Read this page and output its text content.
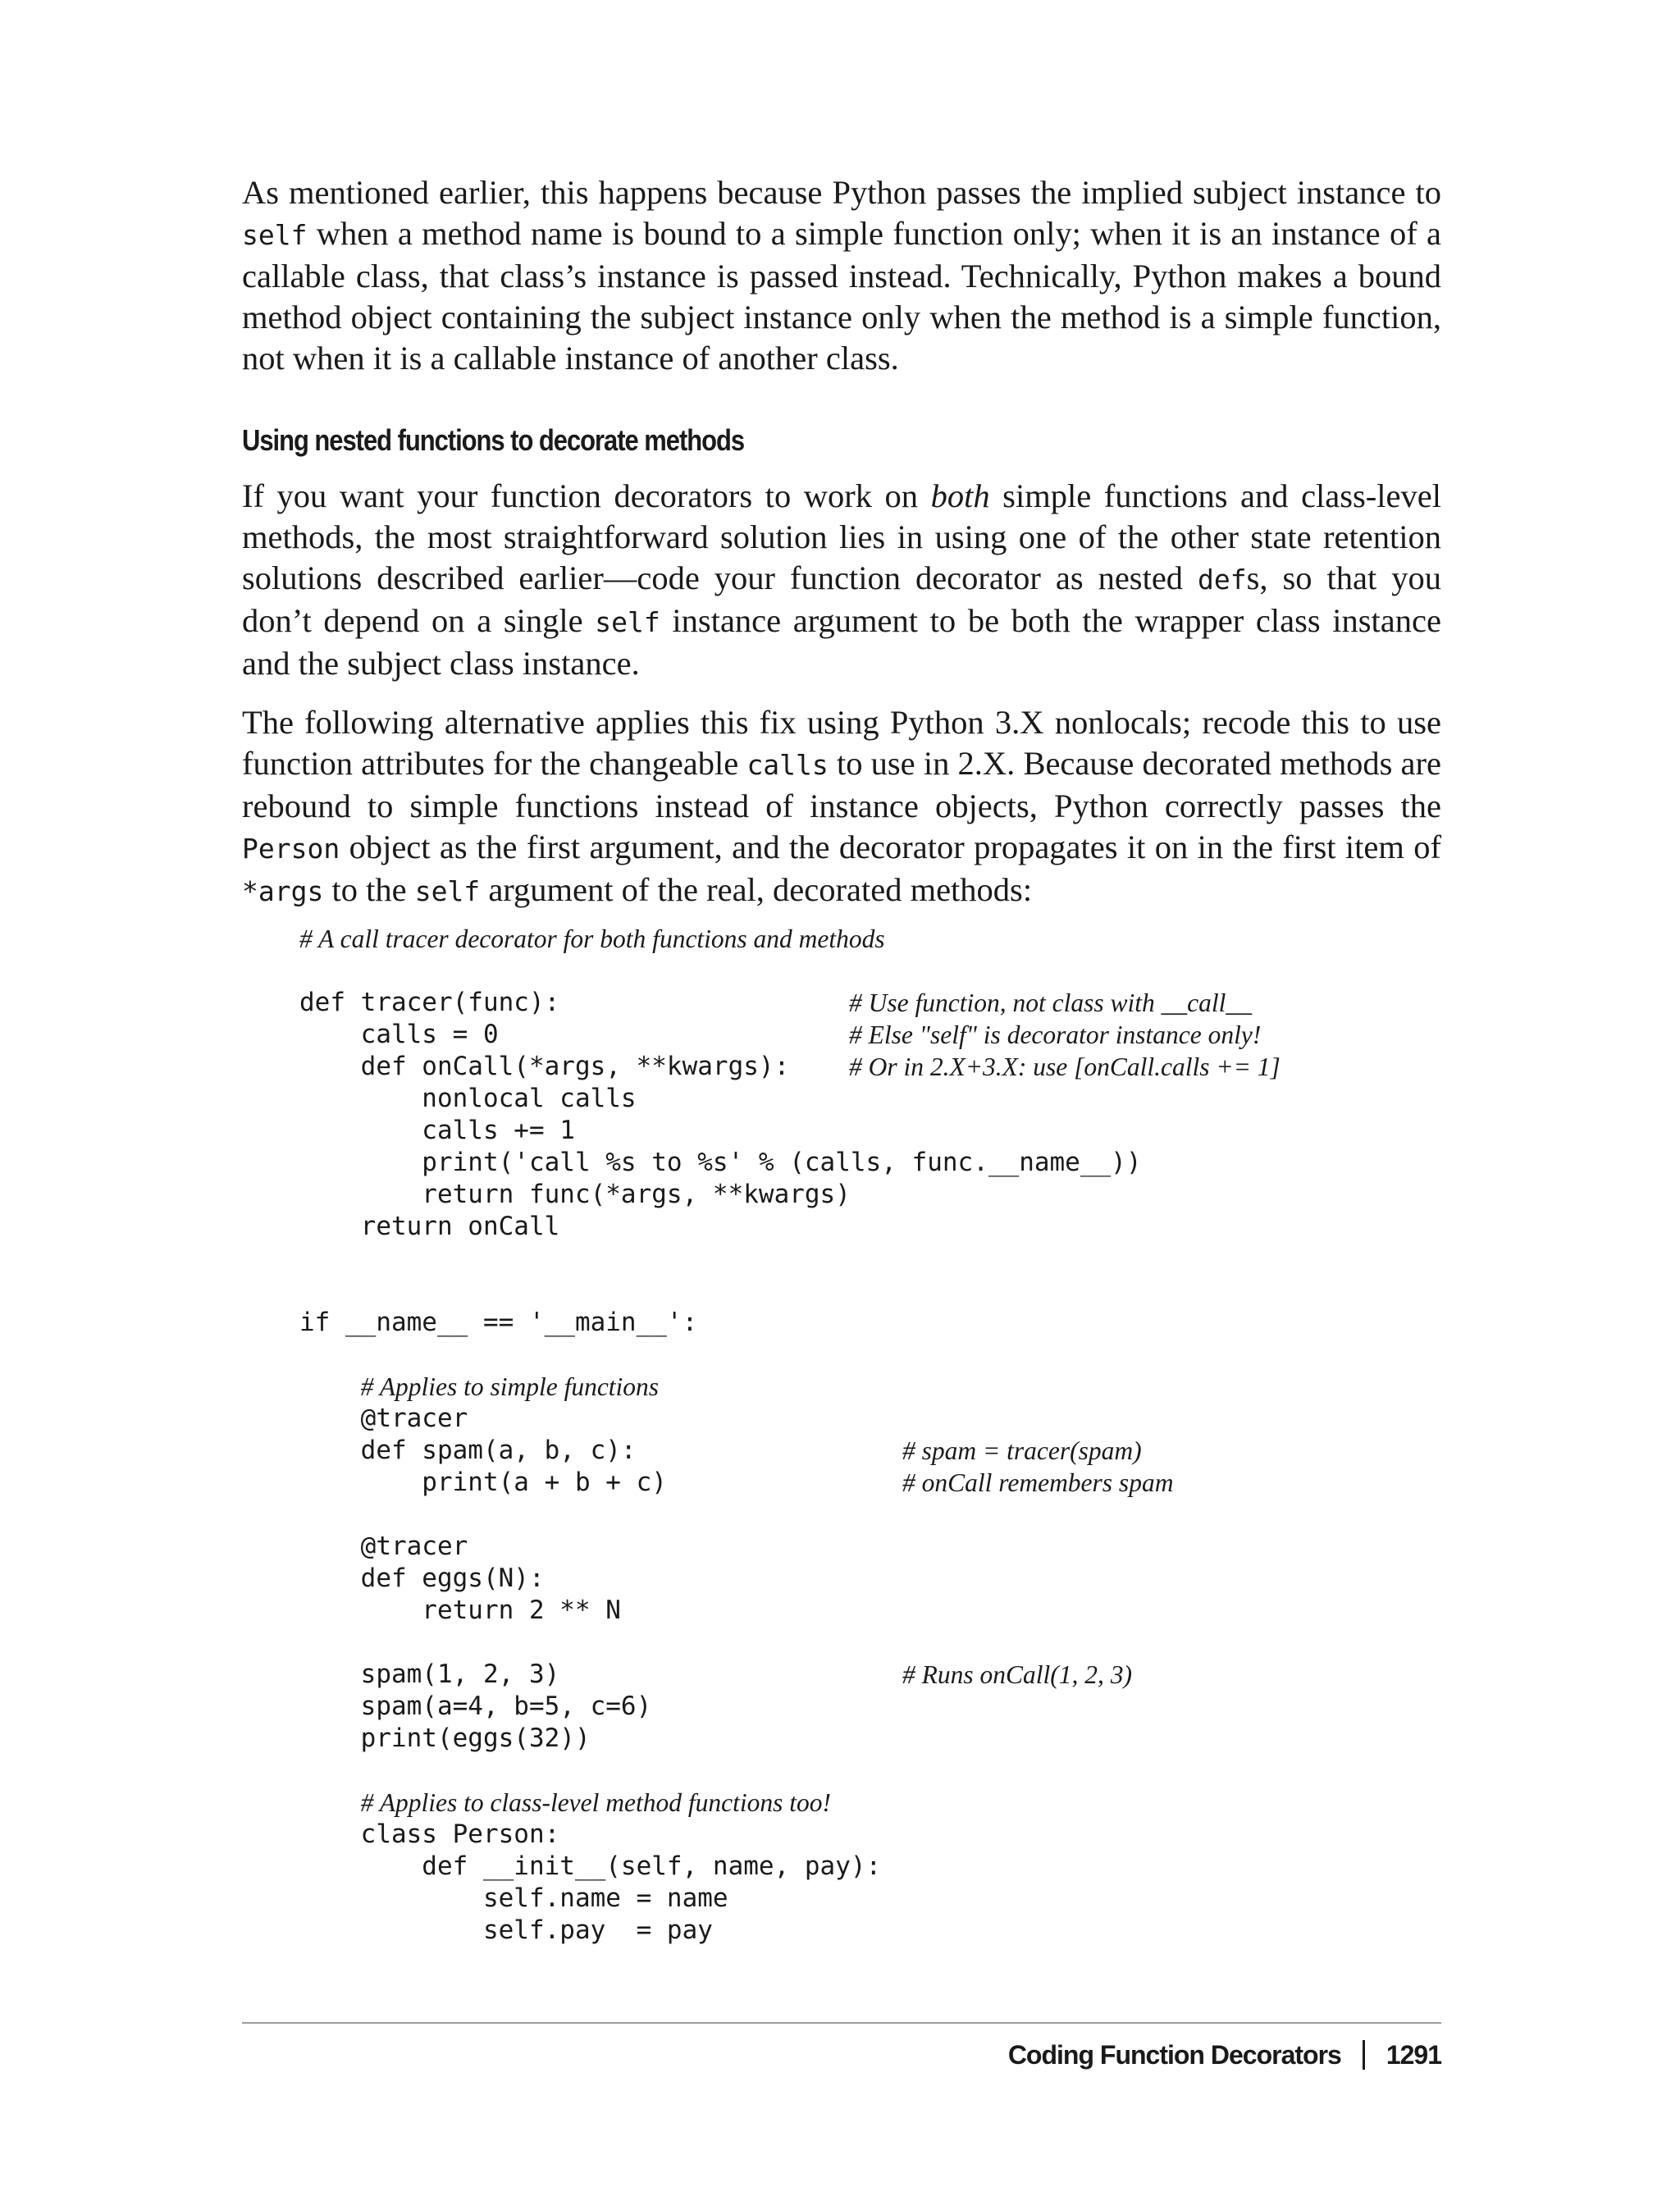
As mentioned earlier, this happens because Python passes the implied subject instance to self when a method name is bound to a simple function only; when it is an instance of a callable class, that class’s instance is passed instead. Technically, Python makes a bound method object containing the subject instance only when the method is a simple function, not when it is a callable instance of another class.

Using nested functions to decorate methods

If you want your function decorators to work on both simple functions and class-level methods, the most straightforward solution lies in using one of the other state retention solutions described earlier—code your function decorator as nested defs, so that you don’t depend on a single self instance argument to be both the wrapper class instance and the subject class instance.

The following alternative applies this fix using Python 3.X nonlocals; recode this to use function attributes for the changeable calls to use in 2.X. Because decorated methods are rebound to simple functions instead of instance objects, Python correctly passes the Person object as the first argument, and the decorator propagates it on in the first item of *args to the self argument of the real, decorated methods:

# A call tracer decorator for both functions and methods
def tracer(func):	# Use function, not class with __call__
calls = 0	# Else "self" is decorator instance only!
def onCall(*args, **kwargs): # Or in 2.X+3.X: use [onCall.calls += 1]
nonlocal calls
calls += 1
print('call %s to %s' % (calls, func.__name__))
return func(*args, **kwargs)
return onCall
if __name__ == '__main__':
# Applies to simple functions
@tracer
def spam(a, b, c):	# spam = tracer(spam)
print(a + b + c)	# onCall remembers spam
@tracer
def eggs(N):
return 2 ** N
spam(1, 2, 3)	# Runs onCall(1, 2, 3)
spam(a=4, b=5, c=6)
print(eggs(32))
# Applies to class-level method functions too!
class Person:
def __init__(self, name, pay):
self.name = name
self.pay  = pay
Coding Function Decorators 1291
